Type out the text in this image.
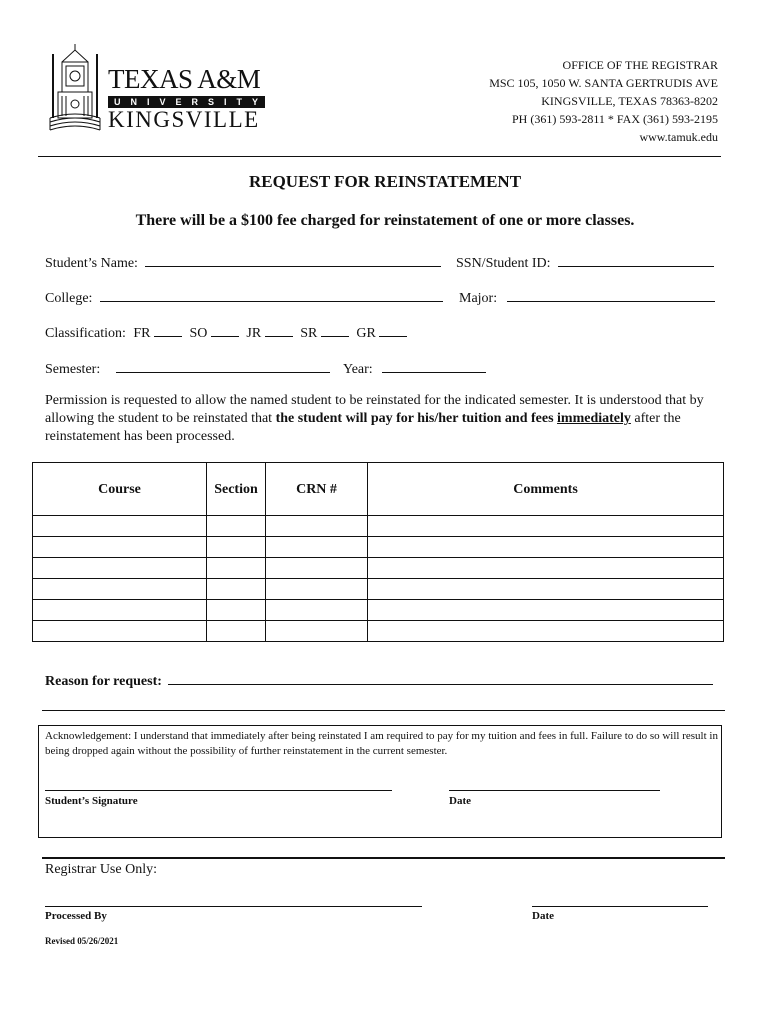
TEXAS A&M
UNIVERSITY
KINGSVILLE
OFFICE OF THE REGISTRAR
MSC 105, 1050 W. SANTA GERTRUDIS AVE
KINGSVILLE, TEXAS 78363-8202
PH (361) 593-2811 * FAX (361) 593-2195
www.tamuk.edu
REQUEST FOR REINSTATEMENT
There will be a $100 fee charged for reinstatement of one or more classes.
Student’s Name:	SSN/Student ID:
College:	Major:
Classification: FR	SO	JR	SR	GR
Semester:	Year:
Permission is requested to allow the named student to be reinstated for the indicated semester. It is understood that by allowing the student to be reinstated that the student will pay for his/her tuition and fees immediately after the reinstatement has been processed.
Course	Section	CRN #	Comments

Reason for request:
Acknowledgement: I understand that immediately after being reinstated I am required to pay for my tuition and fees in full. Failure to do so will result in being dropped again without the possibility of further reinstatement in the current semester.
Student’s Signature	Date
Registrar Use Only:
Processed By	Date
Revised 05/26/2021
